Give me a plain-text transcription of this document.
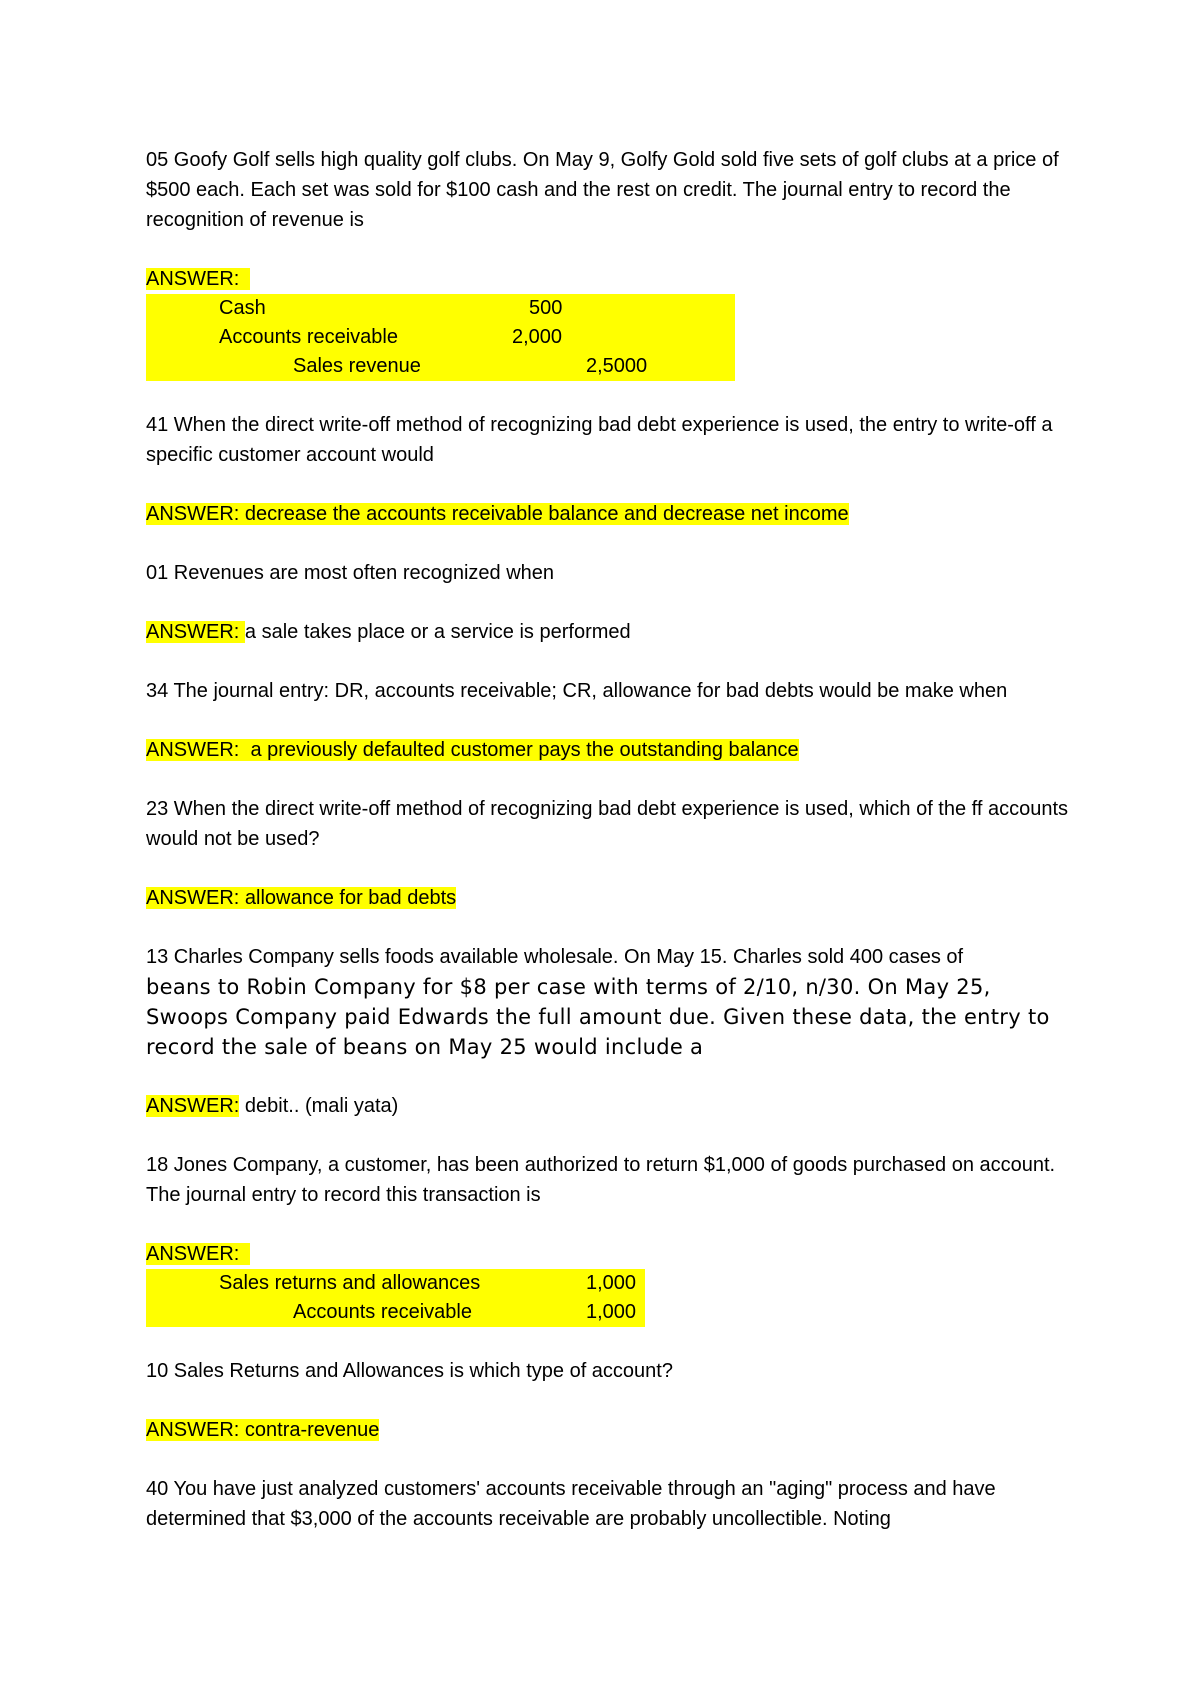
05 Goofy Golf sells high quality golf clubs. On May 9, Golfy Gold sold five sets of golf clubs at a price of $500 each. Each set was sold for $100 cash and the rest on credit. The journal entry to record the recognition of revenue is

ANSWER:
Cash	500
Accounts receivable	2,000
Sales revenue	2,5000

41 When the direct write-off method of recognizing bad debt experience is used, the entry to write-off a specific customer account would

ANSWER: decrease the accounts receivable balance and decrease net income

01 Revenues are most often recognized when

ANSWER: a sale takes place or a service is performed

34 The journal entry: DR, accounts receivable; CR, allowance for bad debts would be make when

ANSWER:  a previously defaulted customer pays the outstanding balance

23 When the direct write-off method of recognizing bad debt experience is used, which of the ff accounts would not be used?

ANSWER: allowance for bad debts

13 Charles Company sells foods available wholesale. On May 15. Charles sold 400 cases of

beans to Robin Company for $8 per case with terms of 2/10, n/30. On May 25, Swoops Company paid Edwards the full amount due. Given these data, the entry to record the sale of beans on May 25 would include a

ANSWER: debit.. (mali yata)

18 Jones Company, a customer, has been authorized to return $1,000 of goods purchased on account. The journal entry to record this transaction is

ANSWER:
Sales returns and allowances	1,000
Accounts receivable	1,000

10 Sales Returns and Allowances is which type of account?

ANSWER: contra-revenue

40 You have just analyzed customers' accounts receivable through an "aging" process and have determined that $3,000 of the accounts receivable are probably uncollectible. Noting
